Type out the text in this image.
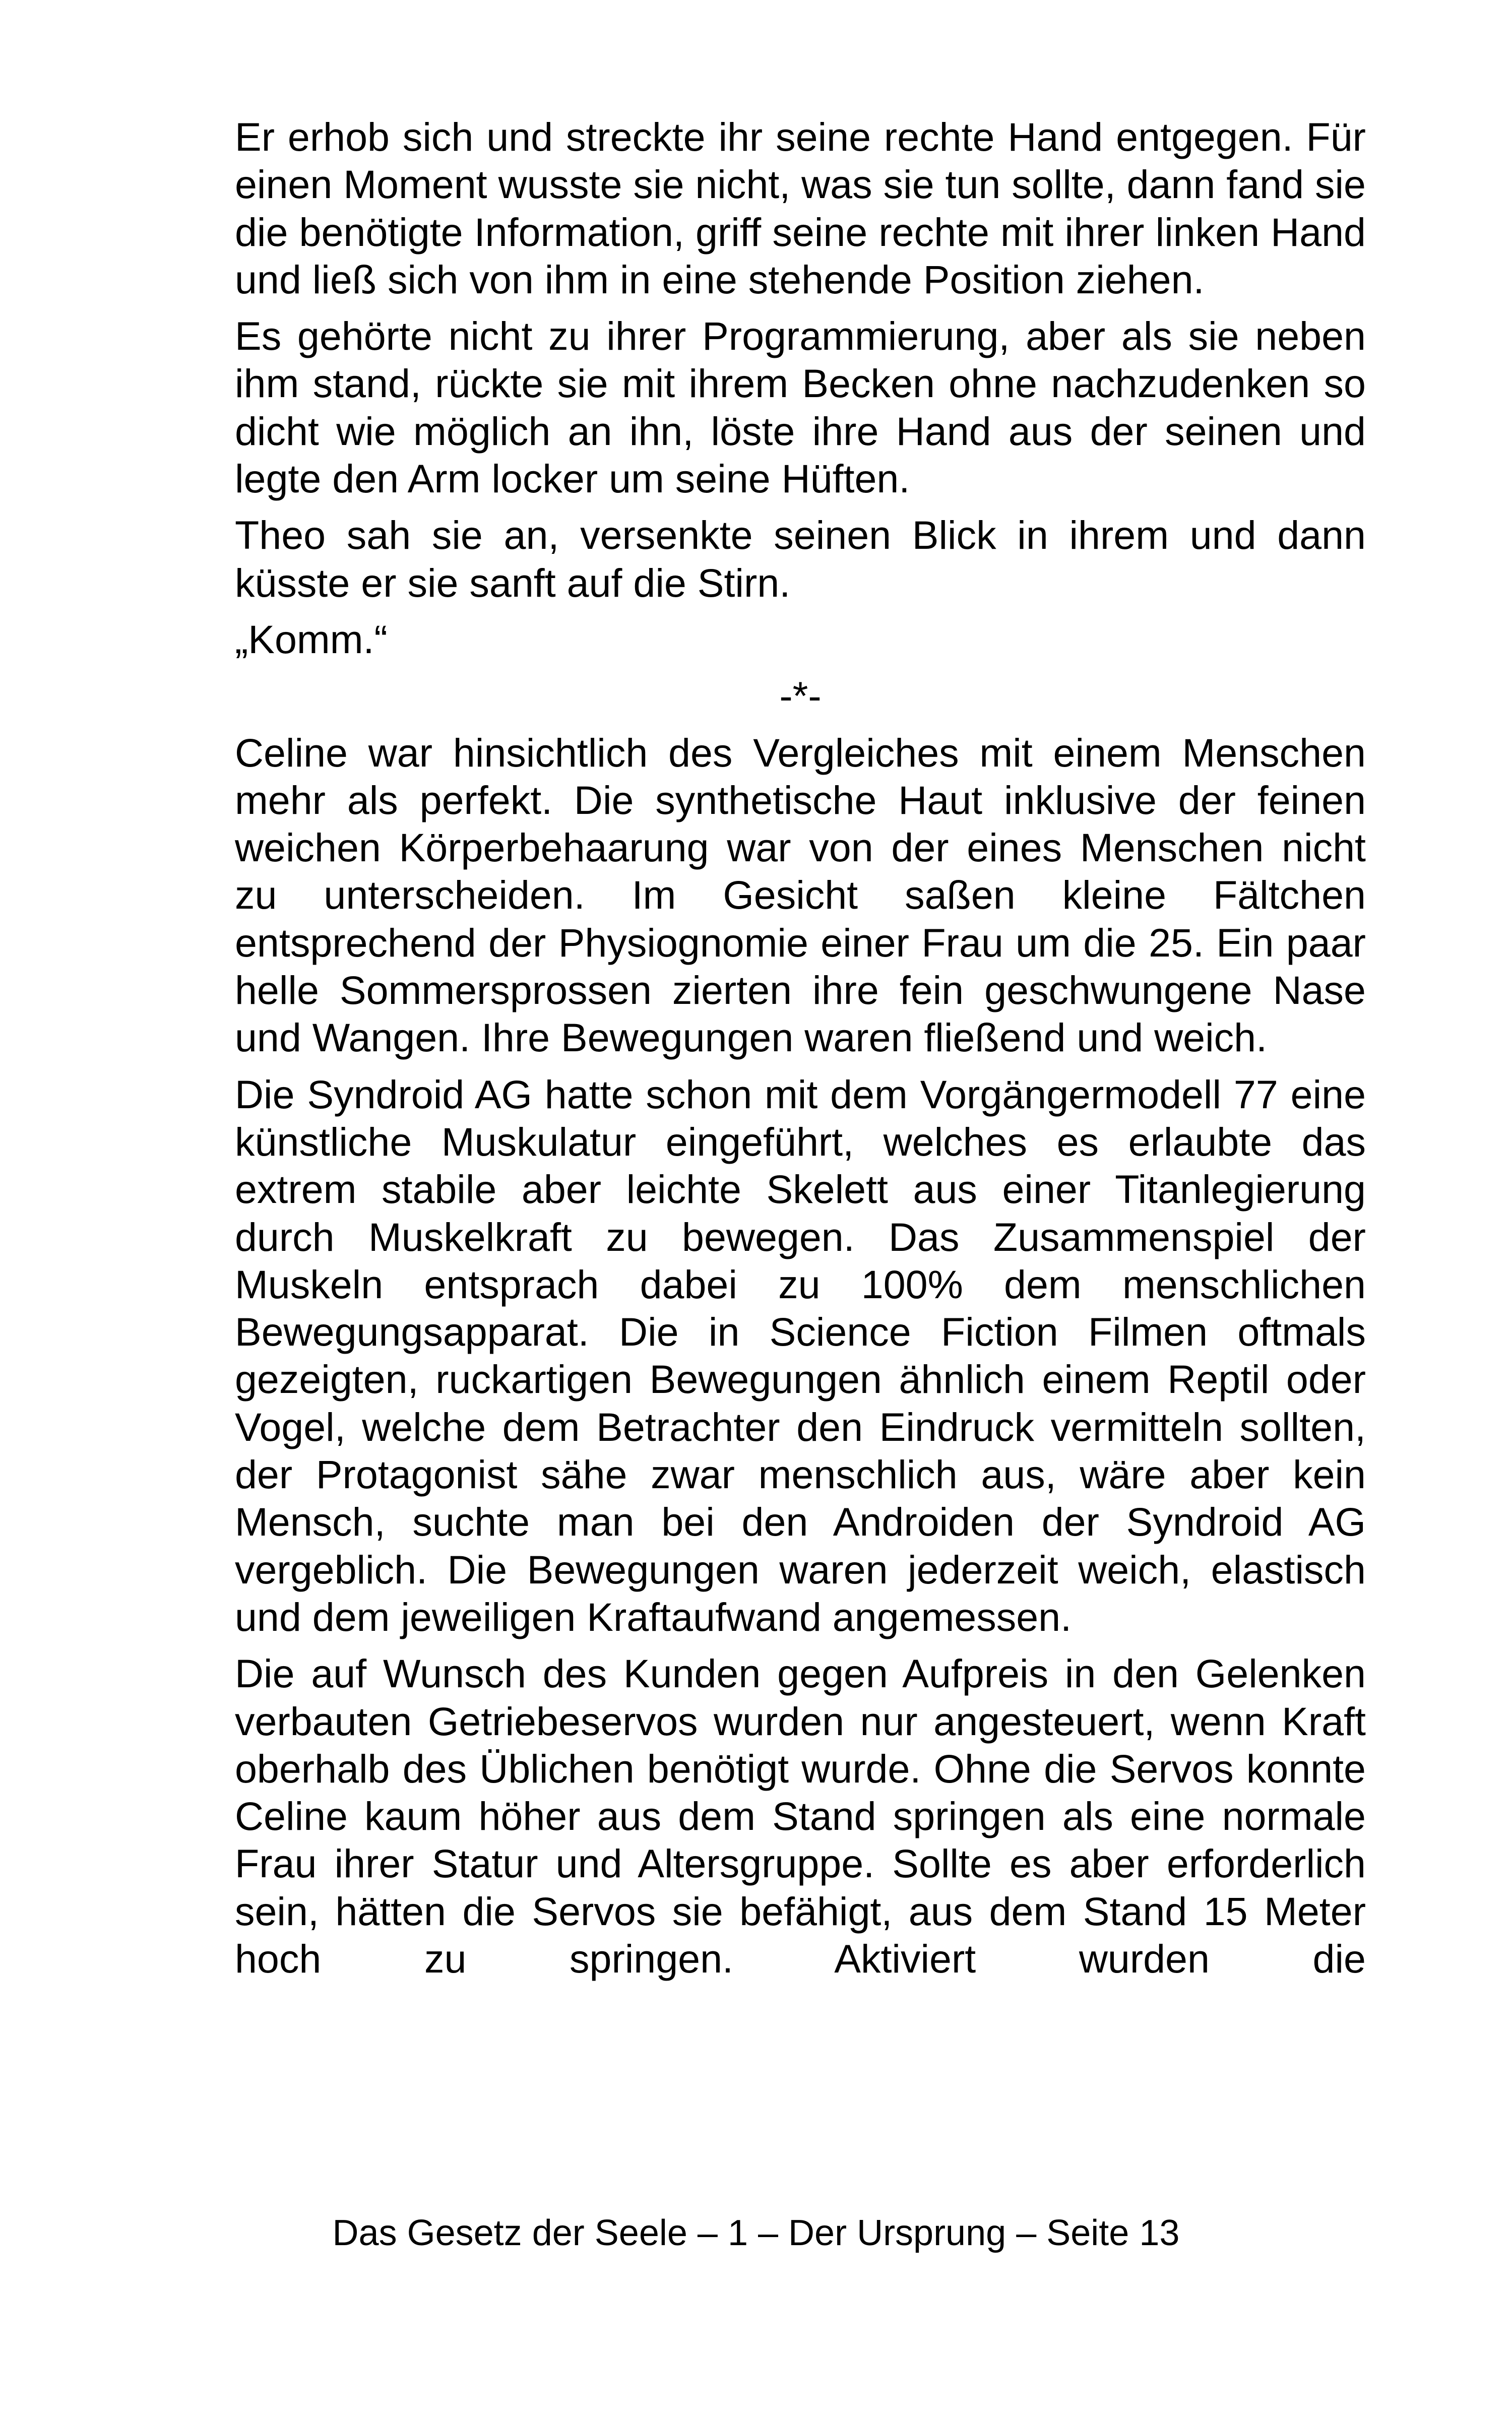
Er erhob sich und streckte ihr seine rechte Hand entgegen. Für einen Moment wusste sie nicht, was sie tun sollte, dann fand sie die benötigte Information, griff seine rechte mit ihrer linken Hand und ließ sich von ihm in eine stehende Position ziehen.

Es gehörte nicht zu ihrer Programmierung, aber als sie neben ihm stand, rückte sie mit ihrem Becken ohne nachzudenken so dicht wie möglich an ihn, löste ihre Hand aus der seinen und legte den Arm locker um seine Hüften.

Theo sah sie an, versenkte seinen Blick in ihrem und dann küsste er sie sanft auf die Stirn.

„Komm.“

-*-

Celine war hinsichtlich des Vergleiches mit einem Menschen mehr als perfekt. Die synthetische Haut inklusive der feinen weichen Körperbehaarung war von der eines Menschen nicht zu unterscheiden. Im Gesicht saßen kleine Fältchen entsprechend der Physiognomie einer Frau um die 25. Ein paar helle Sommersprossen zierten ihre fein geschwungene Nase und Wangen. Ihre Bewegungen waren fließend und weich.

Die Syndroid AG hatte schon mit dem Vorgängermodell 77 eine künstliche Muskulatur eingeführt, welches es erlaubte das extrem stabile aber leichte Skelett aus einer Titanlegierung durch Muskelkraft zu bewegen. Das Zusammenspiel der Muskeln entsprach dabei zu 100% dem menschlichen Bewegungsapparat. Die in Science Fiction Filmen oftmals gezeigten, ruckartigen Bewegungen ähnlich einem Reptil oder Vogel, welche dem Betrachter den Eindruck vermitteln sollten, der Protagonist sähe zwar menschlich aus, wäre aber kein Mensch, suchte man bei den Androiden der Syndroid AG vergeblich. Die Bewegungen waren jederzeit weich, elastisch und dem jeweiligen Kraftaufwand angemessen.

Die auf Wunsch des Kunden gegen Aufpreis in den Gelenken verbauten Getriebeservos wurden nur angesteuert, wenn Kraft oberhalb des Üblichen benötigt wurde. Ohne die Servos konnte Celine kaum höher aus dem Stand springen als eine normale Frau ihrer Statur und Altersgruppe. Sollte es aber erforderlich sein, hätten die Servos sie befähigt, aus dem Stand 15 Meter hoch zu springen. Aktiviert wurden die

Das Gesetz der Seele – 1 – Der Ursprung – Seite 13
